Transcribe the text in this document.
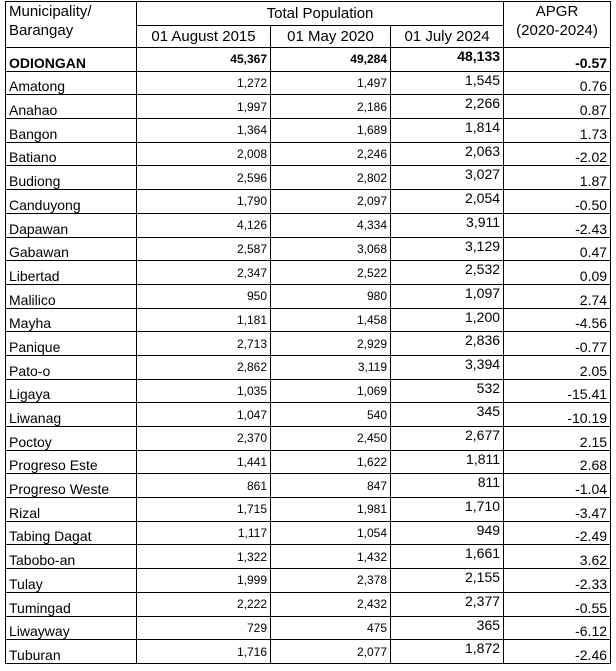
Municipality/
Barangay	Total Population			APGR
(2020-2024)
	01 August 2015	01 May 2020	01 July 2024	
ODIONGAN	45,367	49,284	48,133	-0.57
Amatong	1,272	1,497	1,545	0.76
Anahao	1,997	2,186	2,266	0.87
Bangon	1,364	1,689	1,814	1.73
Batiano	2,008	2,246	2,063	-2.02
Budiong	2,596	2,802	3,027	1.87
Canduyong	1,790	2,097	2,054	-0.50
Dapawan	4,126	4,334	3,911	-2.43
Gabawan	2,587	3,068	3,129	0.47
Libertad	2,347	2,522	2,532	0.09
Malilico	950	980	1,097	2.74
Mayha	1,181	1,458	1,200	-4.56
Panique	2,713	2,929	2,836	-0.77
Pato-o	2,862	3,119	3,394	2.05
Ligaya	1,035	1,069	532	-15.41
Liwanag	1,047	540	345	-10.19
Poctoy	2,370	2,450	2,677	2.15
Progreso Este	1,441	1,622	1,811	2.68
Progreso Weste	861	847	811	-1.04
Rizal	1,715	1,981	1,710	-3.47
Tabing Dagat	1,117	1,054	949	-2.49
Tabobo-an	1,322	1,432	1,661	3.62
Tulay	1,999	2,378	2,155	-2.33
Tumingad	2,222	2,432	2,377	-0.55
Liwayway	729	475	365	-6.12
Tuburan	1,716	2,077	1,872	-2.46
